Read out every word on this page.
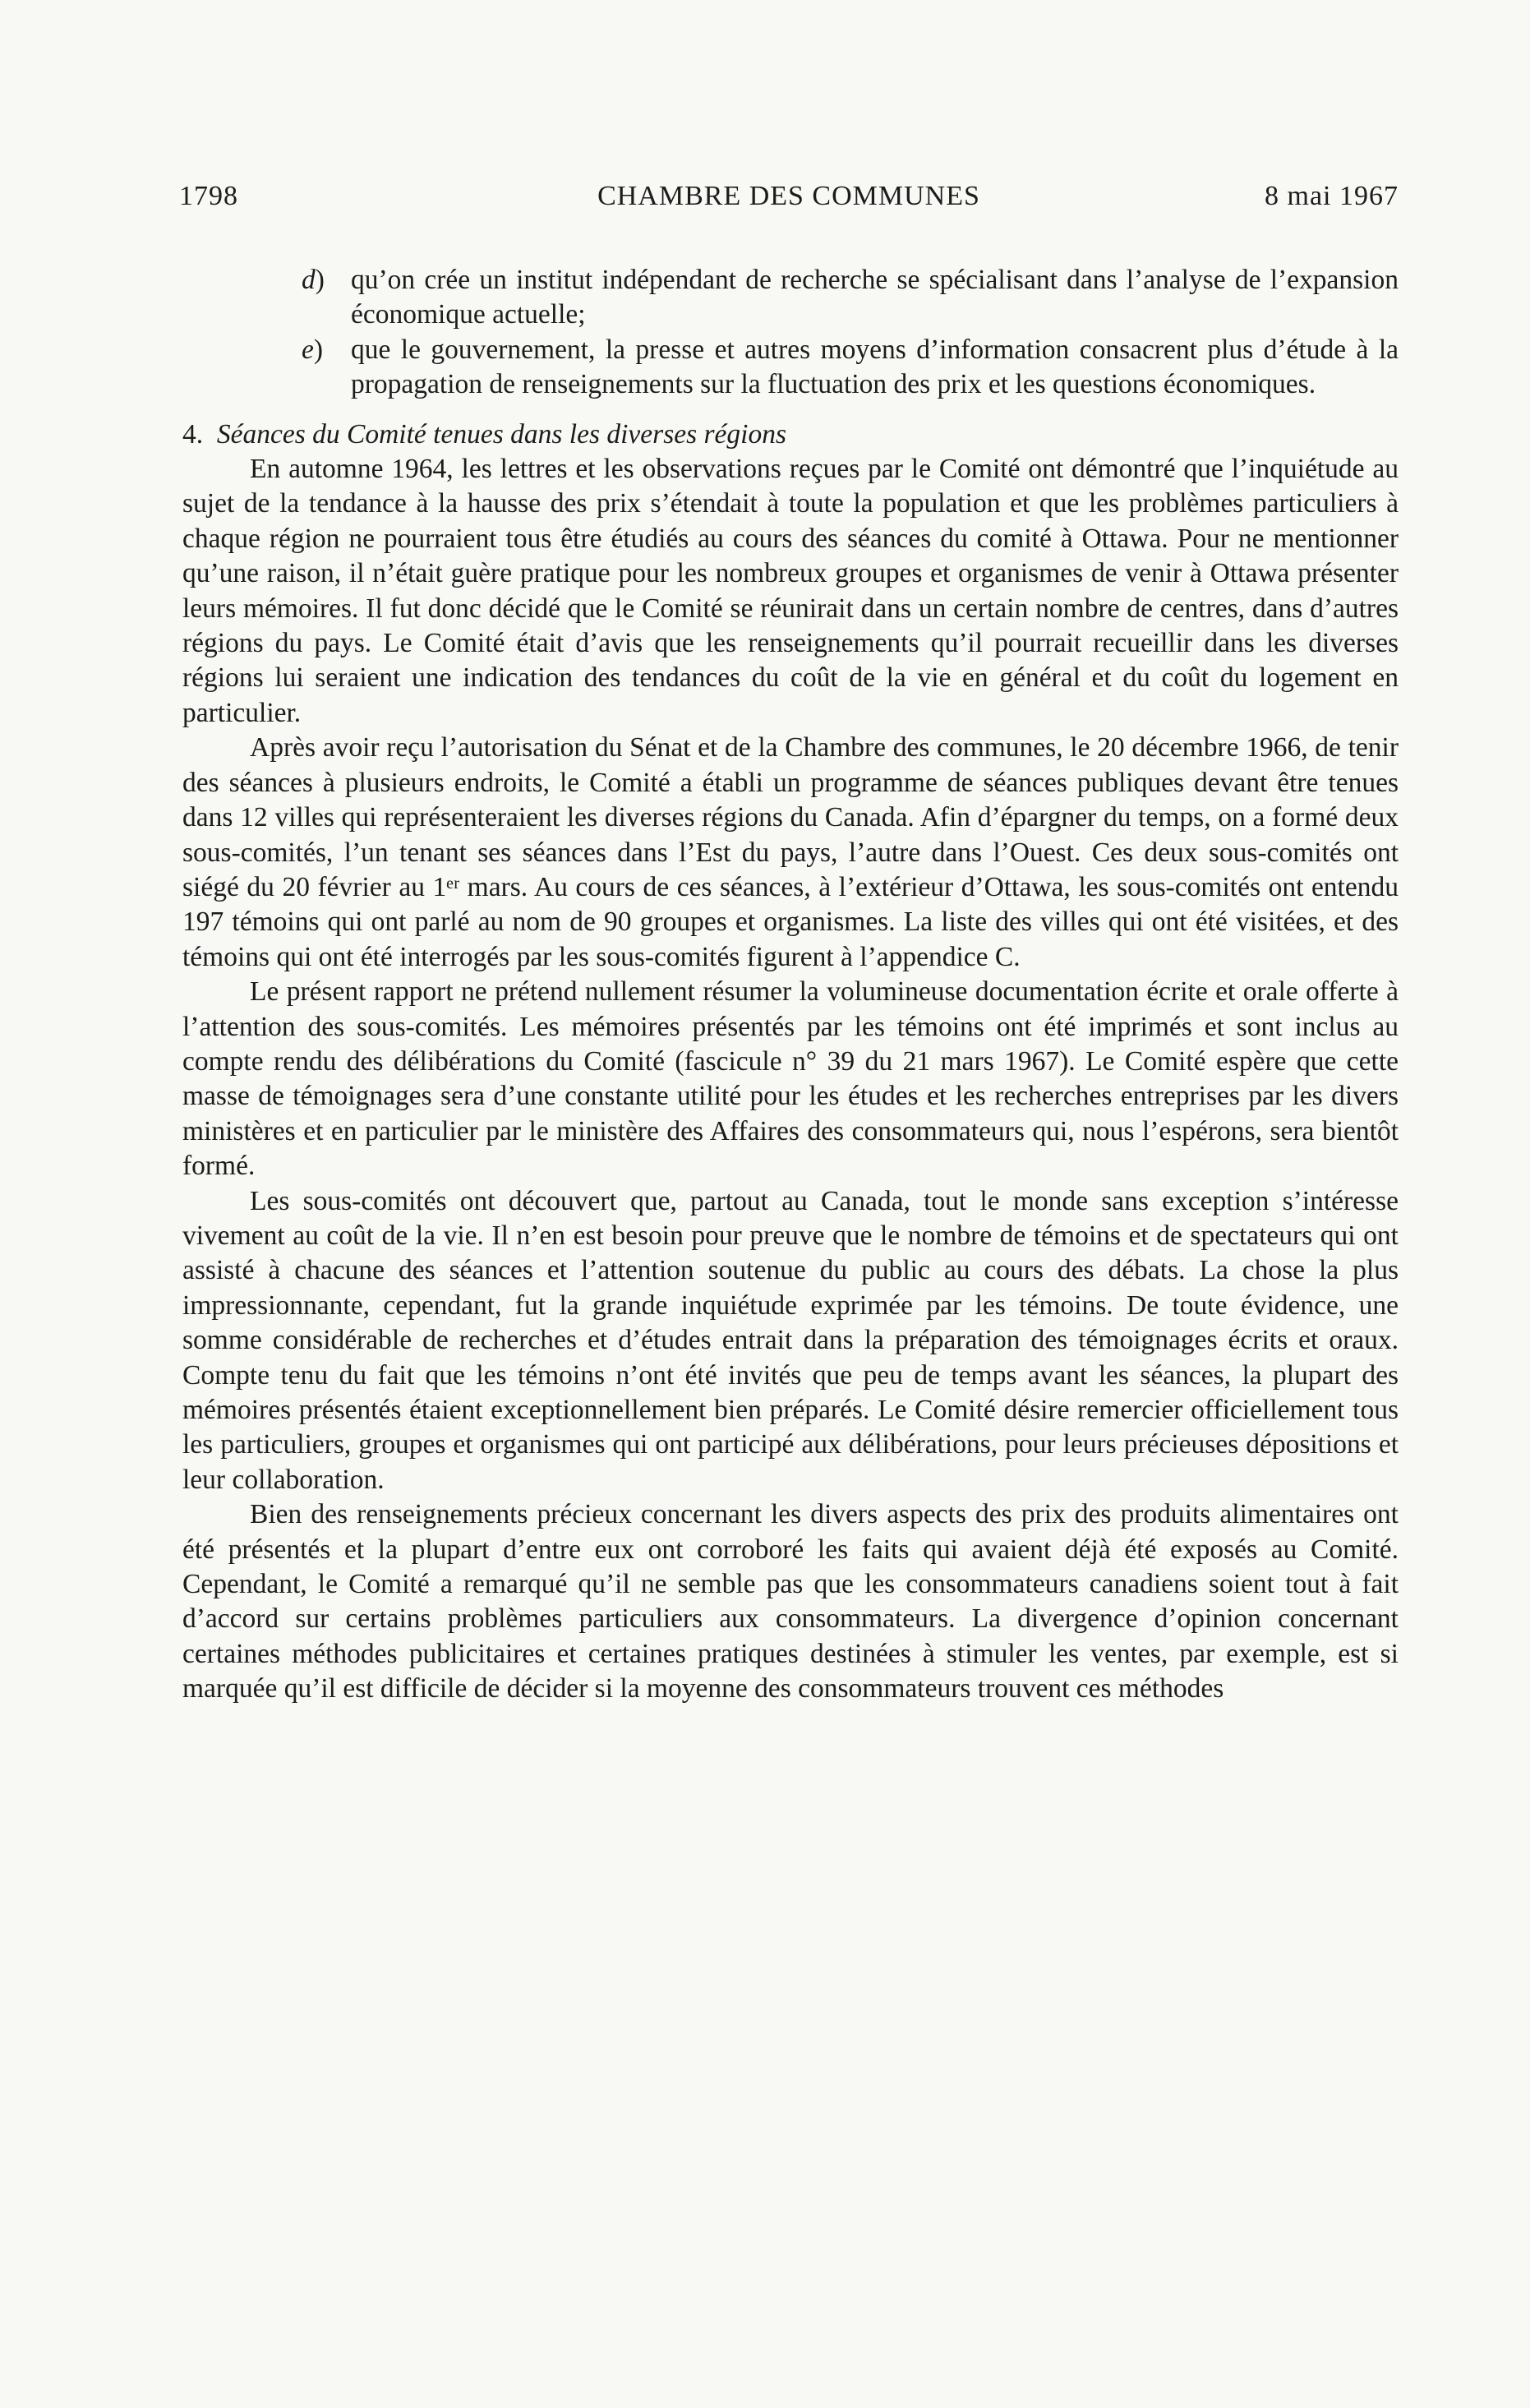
1798	CHAMBRE DES COMMUNES	8 mai 1967

d) qu’on crée un institut indépendant de recherche se spécialisant dans l’analyse de l’expansion économique actuelle;

e) que le gouvernement, la presse et autres moyens d’information consacrent plus d’étude à la propagation de renseignements sur la fluctuation des prix et les questions économiques.

4. Séances du Comité tenues dans les diverses régions

En automne 1964, les lettres et les observations reçues par le Comité ont démontré que l’inquiétude au sujet de la tendance à la hausse des prix s’étendait à toute la population et que les problèmes particuliers à chaque région ne pourraient tous être étudiés au cours des séances du comité à Ottawa. Pour ne mentionner qu’une raison, il n’était guère pratique pour les nombreux groupes et organismes de venir à Ottawa présenter leurs mémoires. Il fut donc décidé que le Comité se réunirait dans un certain nombre de centres, dans d’autres régions du pays. Le Comité était d’avis que les renseignements qu’il pourrait recueillir dans les diverses régions lui seraient une indication des tendances du coût de la vie en général et du coût du logement en particulier.

Après avoir reçu l’autorisation du Sénat et de la Chambre des communes, le 20 décembre 1966, de tenir des séances à plusieurs endroits, le Comité a établi un programme de séances publiques devant être tenues dans 12 villes qui représenteraient les diverses régions du Canada. Afin d’épargner du temps, on a formé deux sous-comités, l’un tenant ses séances dans l’Est du pays, l’autre dans l’Ouest. Ces deux sous-comités ont siégé du 20 février au 1ᵉʳ mars. Au cours de ces séances, à l’extérieur d’Ottawa, les sous-comités ont entendu 197 témoins qui ont parlé au nom de 90 groupes et organismes. La liste des villes qui ont été visitées, et des témoins qui ont été interrogés par les sous-comités figurent à l’appendice C.

Le présent rapport ne prétend nullement résumer la volumineuse documentation écrite et orale offerte à l’attention des sous-comités. Les mémoires présentés par les témoins ont été imprimés et sont inclus au compte rendu des délibérations du Comité (fascicule n° 39 du 21 mars 1967). Le Comité espère que cette masse de témoignages sera d’une constante utilité pour les études et les recherches entreprises par les divers ministères et en particulier par le ministère des Affaires des consommateurs qui, nous l’espérons, sera bientôt formé.

Les sous-comités ont découvert que, partout au Canada, tout le monde sans exception s’intéresse vivement au coût de la vie. Il n’en est besoin pour preuve que le nombre de témoins et de spectateurs qui ont assisté à chacune des séances et l’attention soutenue du public au cours des débats. La chose la plus impressionnante, cependant, fut la grande inquiétude exprimée par les témoins. De toute évidence, une somme considérable de recherches et d’études entrait dans la préparation des témoignages écrits et oraux. Compte tenu du fait que les témoins n’ont été invités que peu de temps avant les séances, la plupart des mémoires présentés étaient exceptionnellement bien préparés. Le Comité désire remercier officiellement tous les particuliers, groupes et organismes qui ont participé aux délibérations, pour leurs précieuses dépositions et leur collaboration.

Bien des renseignements précieux concernant les divers aspects des prix des produits alimentaires ont été présentés et la plupart d’entre eux ont corroboré les faits qui avaient déjà été exposés au Comité. Cependant, le Comité a remarqué qu’il ne semble pas que les consommateurs canadiens soient tout à fait d’accord sur certains problèmes particuliers aux consommateurs. La divergence d’opinion concernant certaines méthodes publicitaires et certaines pratiques destinées à stimuler les ventes, par exemple, est si marquée qu’il est difficile de décider si la moyenne des consommateurs trouvent ces méthodes
